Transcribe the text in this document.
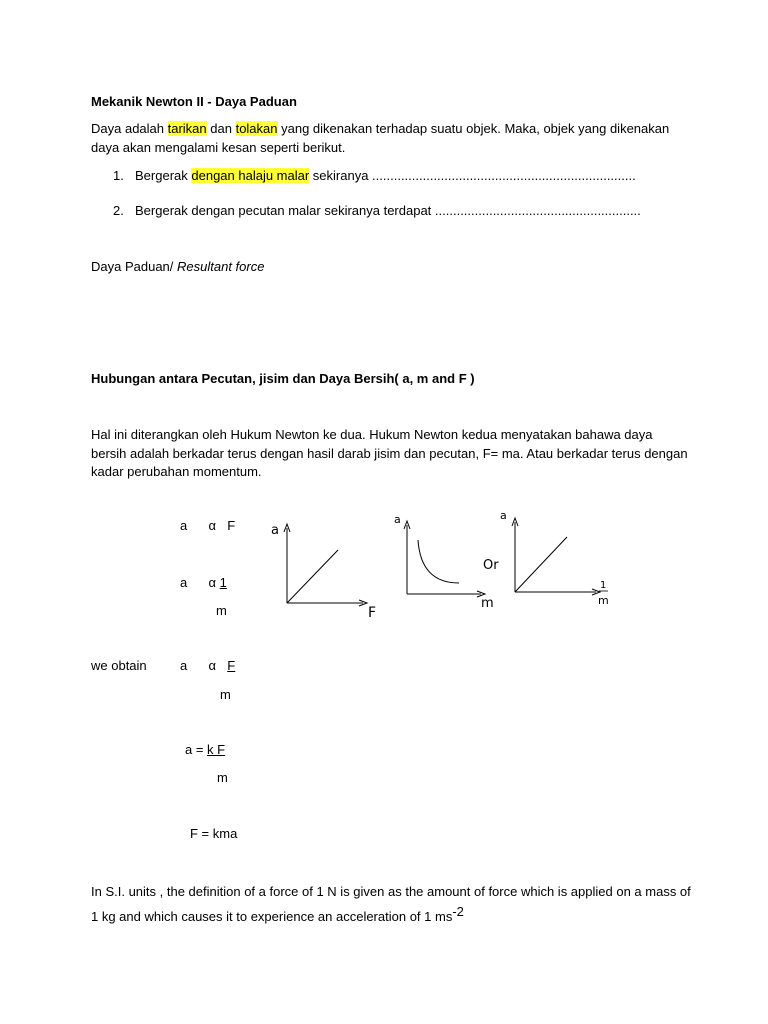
Mekanik Newton II - Daya Paduan
Daya adalah tarikan dan tolakan yang dikenakan terhadap suatu objek. Maka, objek yang dikenakan daya akan mengalami kesan seperti berikut.
1. Bergerak dengan halaju malar sekiranya .........................................................................
2. Bergerak dengan pecutan malar sekiranya terdapat .........................................................
Daya Paduan/ Resultant force
Hubungan antara Pecutan, jisim dan Daya Bersih( a, m and F )
Hal ini diterangkan oleh Hukum Newton ke dua. Hukum Newton kedua menyatakan bahawa daya bersih adalah berkadar terus dengan hasil darab jisim dan pecutan, F= ma. Atau berkadar terus dengan kadar perubahan momentum.
a α F
a α 1
m
a
F
a
m
Or
a
1
m
we obtain	a α F
m
a = k F
m
F = kma
In S.I. units , the definition of a force of 1 N is given as the amount of force which is applied on a mass of 1 kg and which causes it to experience an acceleration of 1 $ms^{-2}$
